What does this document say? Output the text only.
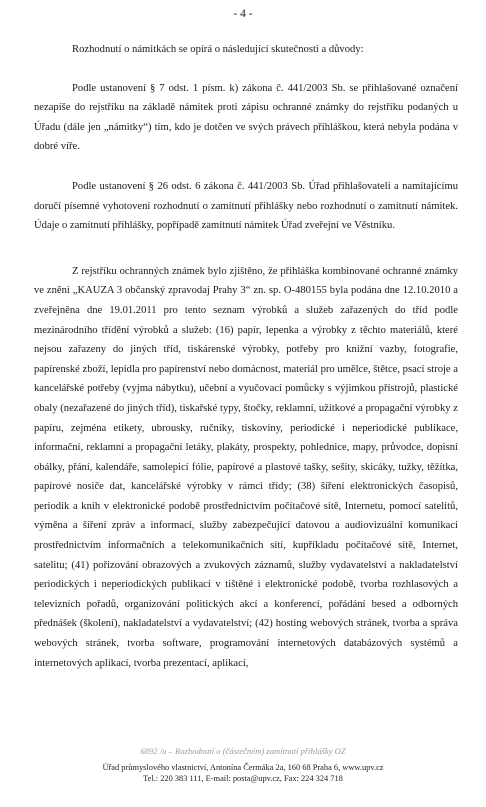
- 4 -

Rozhodnutí o námitkách se opírá o následující skutečnosti a důvody:

Podle ustanovení § 7 odst. 1 písm. k) zákona č. 441/2003 Sb. se přihlašované označení nezapíše do rejstříku na základě námitek proti zápisu ochranné známky do rejstříku podaných u Úřadu (dále jen „námitky“) tím, kdo je dotčen ve svých právech přihláškou, která nebyla podána v dobré víře.

Podle ustanovení § 26 odst. 6 zákona č. 441/2003 Sb. Úřad přihlašovateli a namítajícímu doručí písemné vyhotovení rozhodnutí o zamítnutí přihlášky nebo rozhodnutí o zamítnutí námitek. Údaje o zamítnutí přihlášky, popřípadě zamítnutí námitek Úřad zveřejní ve Věstníku.

Z rejstříku ochranných známek bylo zjištěno, že přihláška kombinované ochranné známky ve znění „KAUZA 3 občanský zpravodaj Prahy 3“ zn. sp. O-480155 byla podána dne 12.10.2010 a zveřejněna dne 19.01.2011 pro tento seznam výrobků a služeb zařazených do tříd podle mezinárodního třídění výrobků a služeb: (16) papír, lepenka a výrobky z těchto materiálů, které nejsou zařazeny do jiných tříd, tiskárenské výrobky, potřeby pro knižní vazby, fotografie, papírenské zboží, lepidla pro papírenství nebo domácnost, materiál pro umělce, štětce, psací stroje a kancelářské potřeby (vyjma nábytku), učební a vyučovací pomůcky s výjimkou přístrojů, plastické obaly (nezařazené do jiných tříd), tiskařské typy, štočky, reklamní, užitkové a propagační výrobky z papíru, zejména etikety, ubrousky, ručníky, tiskoviny, periodické i neperiodické publikace, informační, reklamní a propagační letáky, plakáty, prospekty, pohlednice, mapy, průvodce, dopisní obálky, přání, kalendáře, samolepicí fólie, papírové a plastové tašky, sešity, skicáky, tužky, těžítka, papírové nosiče dat, kancelářské výrobky v rámci třídy; (38) šíření elektronických časopisů, periodik a knih v elektronické podobě prostřednictvím počítačové sítě, Internetu, pomocí satelitů, výměna a šíření zpráv a informací, služby zabezpečující datovou a audiovizuální komunikaci prostřednictvím informačních a telekomunikačních sítí, kupříkladu počítačové sítě, Internet, satelitu; (41) pořizování obrazových a zvukových záznamů, služby vydavatelství a nakladatelství periodických i neperiodických publikací v tištěné i elektronické podobě, tvorba rozhlasových a televizních pořadů, organizování politických akcí a konferencí, pořádání besed a odborných přednášek (školení), nakladatelství a vydavatelství; (42) hosting webových stránek, tvorba a správa webových stránek, tvorba software, programování internetových databázových systémů a internetových aplikací, tvorba prezentací, aplikací,

6892 /u – Rozhodnutí o (částečném) zamítnutí přihlášky OZ
Úřad průmyslového vlastnictví, Antonína Čermáka 2a, 160 68 Praha 6, www.upv.cz
Tel.: 220 383 111, E-mail: posta@upv.cz, Fax: 224 324 718
